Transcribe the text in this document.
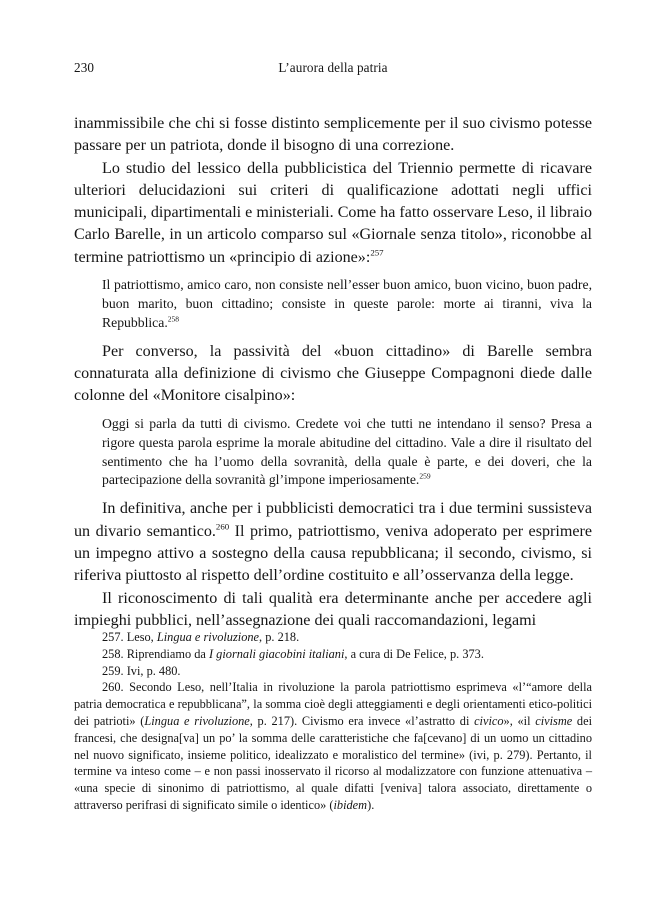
230	L’aurora della patria

inammissibile che chi si fosse distinto semplicemente per il suo civismo potesse passare per un patriota, donde il bisogno di una correzione.

Lo studio del lessico della pubblicistica del Triennio permette di ricavare ulteriori delucidazioni sui criteri di qualificazione adottati negli uffici municipali, dipartimentali e ministeriali. Come ha fatto osservare Leso, il libraio Carlo Barelle, in un articolo comparso sul «Giornale senza titolo», riconobbe al termine patriottismo un «principio di azione»:$^{257}$

Il patriottismo, amico caro, non consiste nell’esser buon amico, buon vicino, buon padre, buon marito, buon cittadino; consiste in queste parole: morte ai tiranni, viva la Repubblica.$^{258}$

Per converso, la passività del «buon cittadino» di Barelle sembra connaturata alla definizione di civismo che Giuseppe Compagnoni diede dalle colonne del «Monitore cisalpino»:

Oggi si parla da tutti di civismo. Credete voi che tutti ne intendano il senso? Presa a rigore questa parola esprime la morale abitudine del cittadino. Vale a dire il risultato del sentimento che ha l’uomo della sovranità, della quale è parte, e dei doveri, che la partecipazione della sovranità gl’impone imperiosamente.$^{259}$

In definitiva, anche per i pubblicisti democratici tra i due termini sussisteva un divario semantico.$^{260}$ Il primo, patriottismo, veniva adoperato per esprimere un impegno attivo a sostegno della causa repubblicana; il secondo, civismo, si riferiva piuttosto al rispetto dell’ordine costituito e all’osservanza della legge.

Il riconoscimento di tali qualità era determinante anche per accedere agli impieghi pubblici, nell’assegnazione dei quali raccomandazioni, legami

257. Leso, Lingua e rivoluzione, p. 218.

258. Riprendiamo da I giornali giacobini italiani, a cura di De Felice, p. 373.

259. Ivi, p. 480.

260. Secondo Leso, nell’Italia in rivoluzione la parola patriottismo esprimeva «l’“amore della patria democratica e repubblicana”, la somma cioè degli atteggiamenti e degli orientamenti etico-politici dei patrioti» (Lingua e rivoluzione, p. 217). Civismo era invece «l’astratto di civico», «il civisme dei francesi, che designa[va] un po’ la somma delle caratteristiche che fa[cevano] di un uomo un cittadino nel nuovo significato, insieme politico, idealizzato e moralistico del termine» (ivi, p. 279). Pertanto, il termine va inteso come – e non passi inosservato il ricorso al modalizzatore con funzione attenuativa – «una specie di sinonimo di patriottismo, al quale difatti [veniva] talora associato, direttamente o attraverso perifrasi di significato simile o identico» (ibidem).
